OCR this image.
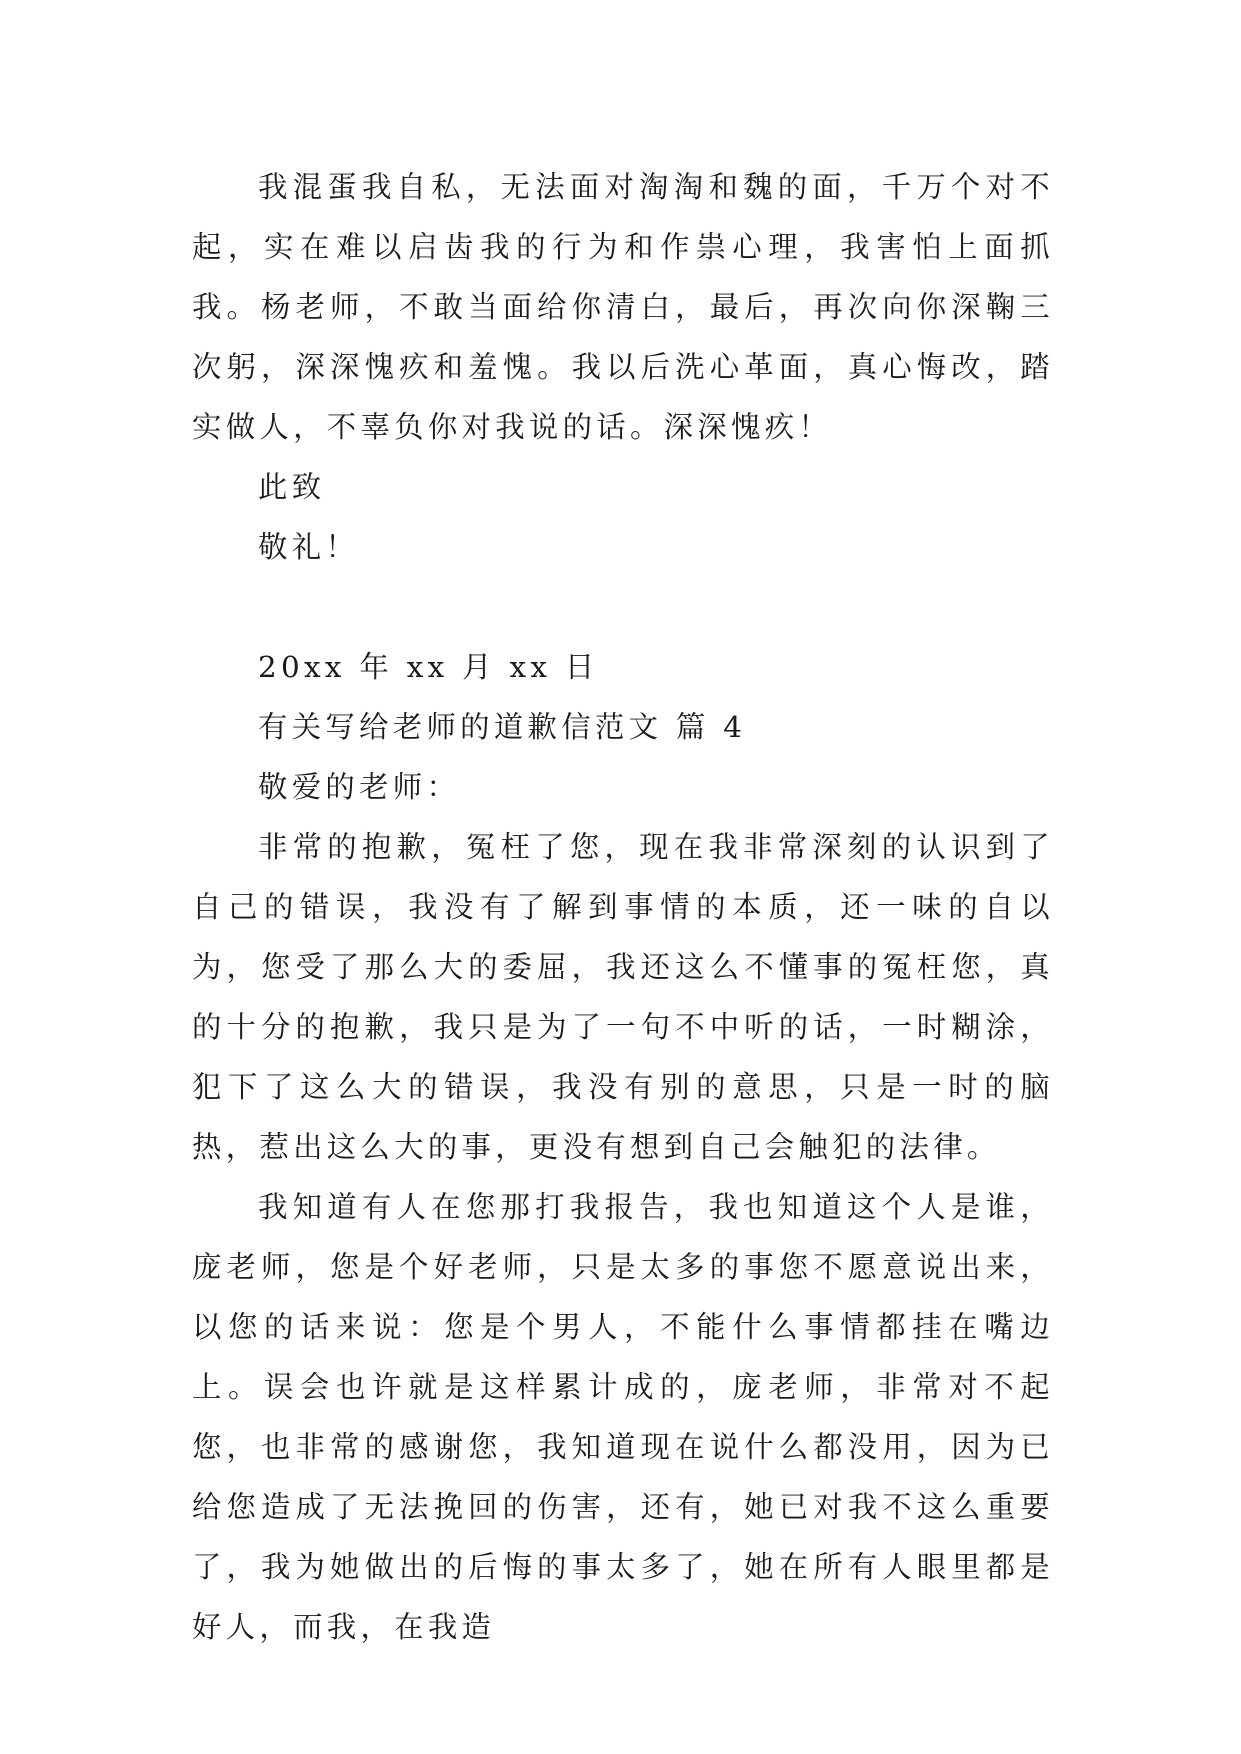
我混蛋我自私，无法面对淘淘和魏的面，千万个对不起，实在难以启齿我的行为和作祟心理，我害怕上面抓我。杨老师，不敢当面给你清白，最后，再次向你深鞠三次躬，深深愧疚和羞愧。我以后洗心革面，真心悔改，踏实做人，不辜负你对我说的话。深深愧疚！

此致

敬礼！

20xx 年 xx 月 xx 日

有关写给老师的道歉信范文 篇 4

敬爱的老师：

非常的抱歉，冤枉了您，现在我非常深刻的认识到了自己的错误，我没有了解到事情的本质，还一味的自以为，您受了那么大的委屈，我还这么不懂事的冤枉您，真的十分的抱歉，我只是为了一句不中听的话，一时糊涂，犯下了这么大的错误，我没有别的意思，只是一时的脑热，惹出这么大的事，更没有想到自己会触犯的法律。

我知道有人在您那打我报告，我也知道这个人是谁，庞老师，您是个好老师，只是太多的事您不愿意说出来，以您的话来说：您是个男人，不能什么事情都挂在嘴边上。误会也许就是这样累计成的，庞老师，非常对不起您，也非常的感谢您，我知道现在说什么都没用，因为已给您造成了无法挽回的伤害，还有，她已对我不这么重要了，我为她做出的后悔的事太多了，她在所有人眼里都是好人，而我，在我造
